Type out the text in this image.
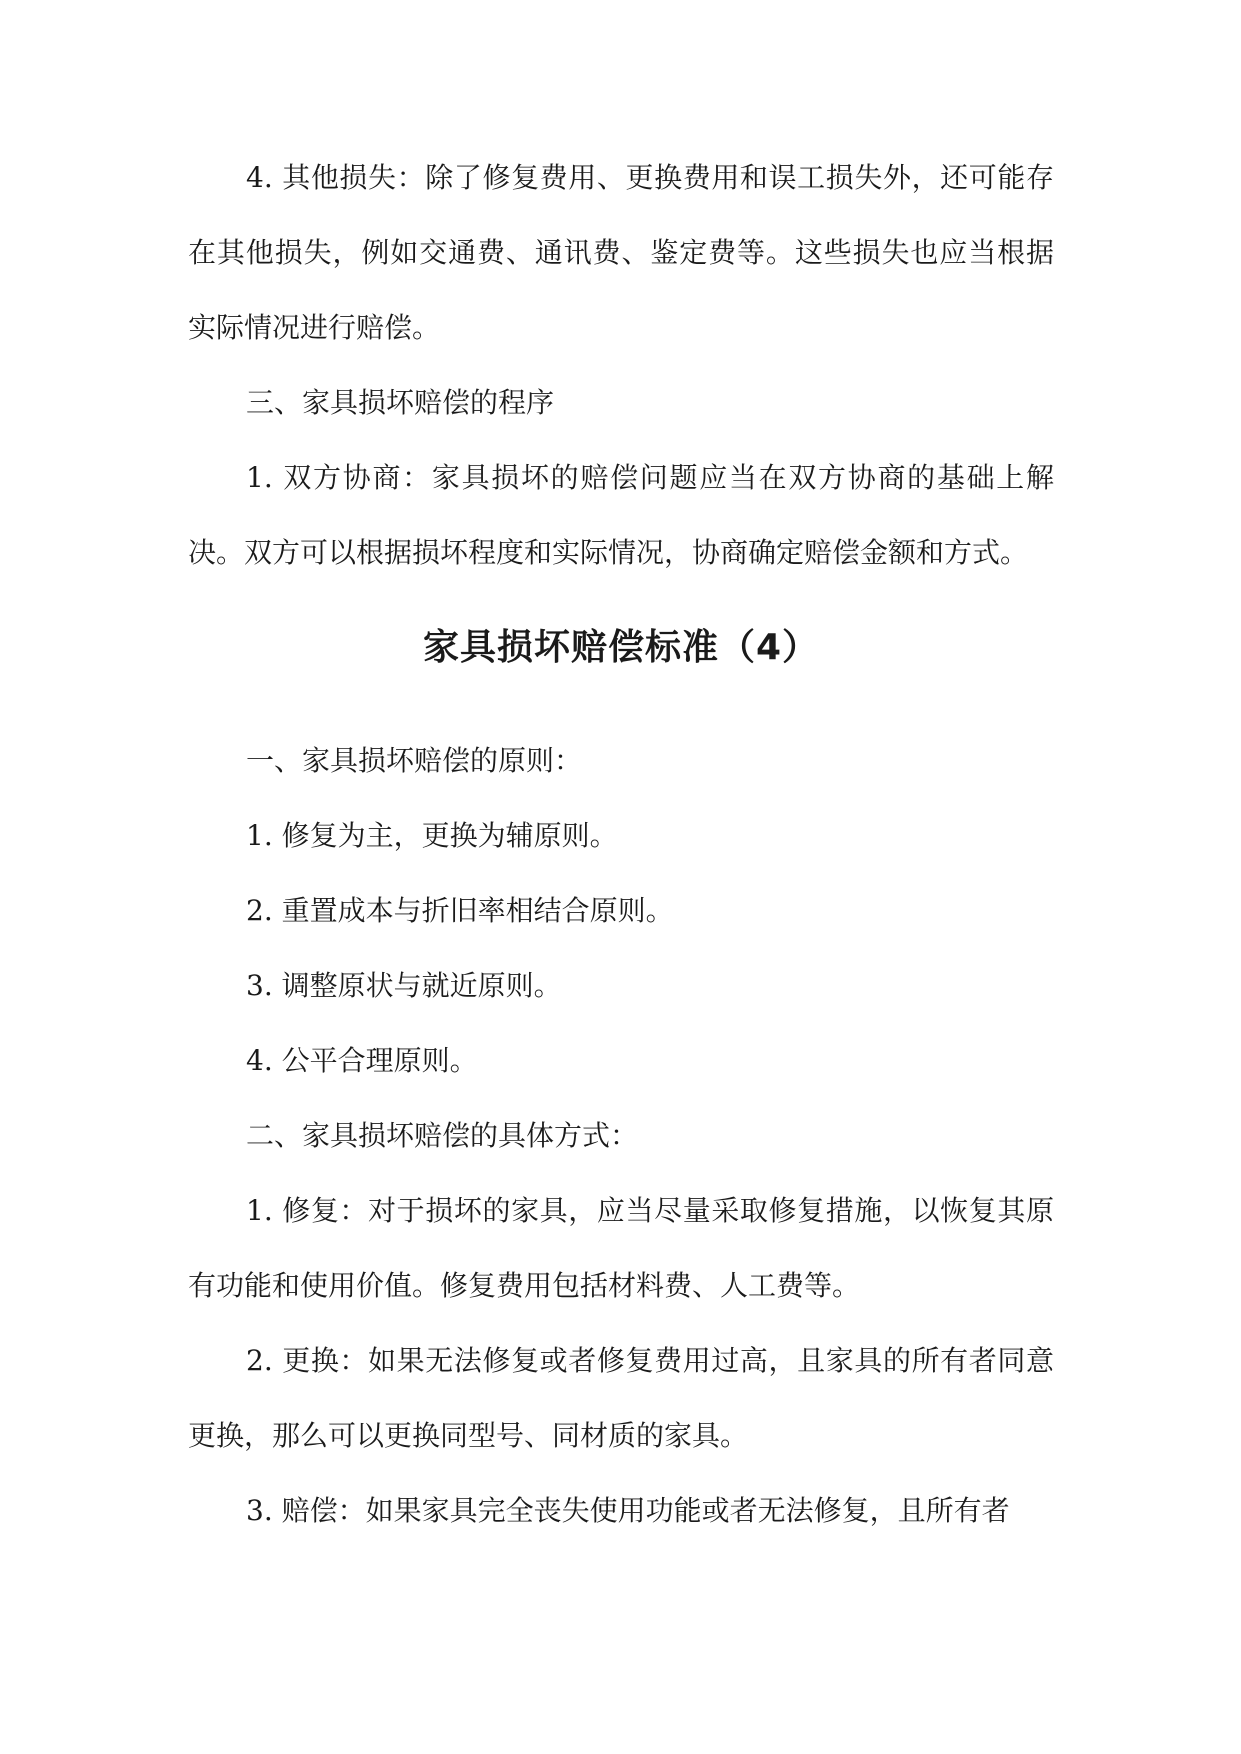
4. 其他损失：除了修复费用、更换费用和误工损失外，还可能存在其他损失，例如交通费、通讯费、鉴定费等。这些损失也应当根据实际情况进行赔偿。

三、家具损坏赔偿的程序

1. 双方协商：家具损坏的赔偿问题应当在双方协商的基础上解决。双方可以根据损坏程度和实际情况，协商确定赔偿金额和方式。

家具损坏赔偿标准（4）

一、家具损坏赔偿的原则：

1. 修复为主，更换为辅原则。

2. 重置成本与折旧率相结合原则。

3. 调整原状与就近原则。

4. 公平合理原则。

二、家具损坏赔偿的具体方式：

1. 修复：对于损坏的家具，应当尽量采取修复措施，以恢复其原有功能和使用价值。修复费用包括材料费、人工费等。

2. 更换：如果无法修复或者修复费用过高，且家具的所有者同意更换，那么可以更换同型号、同材质的家具。

3. 赔偿：如果家具完全丧失使用功能或者无法修复，且所有者
